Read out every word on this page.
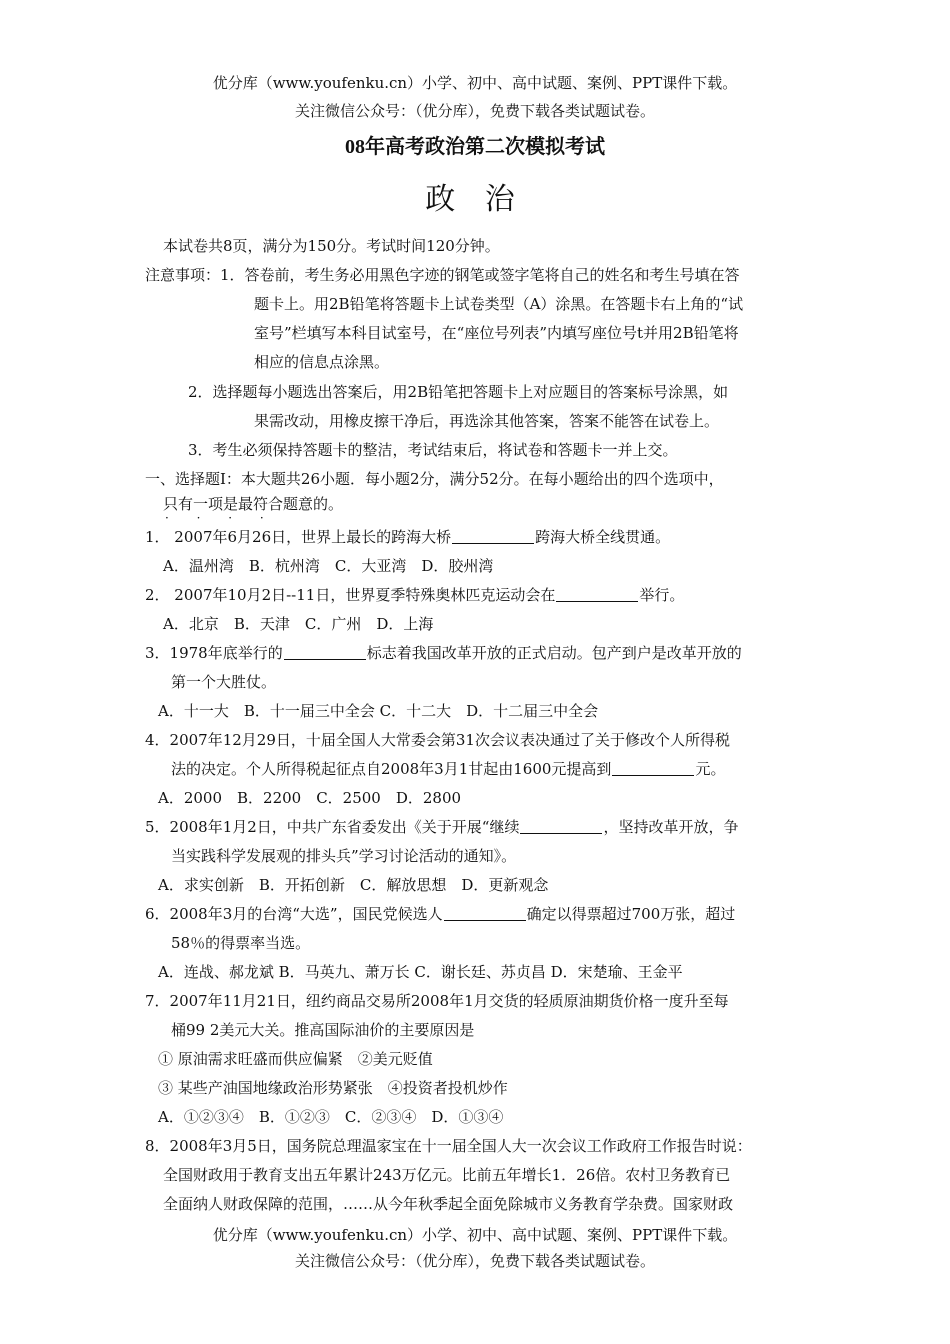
优分库（www.youfenku.cn）小学、初中、高中试题、案例、PPT课件下载。
关注微信公众号：（优分库），免费下载各类试题试卷。
08年高考政治第二次模拟考试
政 治
本试卷共8页，满分为150分。考试时间120分钟。
注意事项：1．答卷前，考生务必用黑色字迹的钢笔或签字笔将自己的姓名和考生号填在答
题卡上。用2B铅笔将答题卡上试卷类型（A）涂黑。在答题卡右上角的“试
室号”栏填写本科目试室号，在“座位号列表”内填写座位号t并用2B铅笔将
相应的信息点涂黑。
2．选择题每小题选出答案后，用2B铅笔把答题卡上对应题目的答案标号涂黑，如
果需改动，用橡皮擦干净后，再选涂其他答案，答案不能答在试卷上。
3．考生必须保持答题卡的整洁，考试结束后，将试卷和答题卡一并上交。
一、选择题I：本大题共26小题．每小题2分，满分52分。在每小题给出的四个选项中，
只有一项是最符合题意的。
· · · ·
1． 2007年6月26日，世界上最长的跨海大桥	跨海大桥全线贯通。
A．温州湾　B．杭州湾　C．大亚湾　D．胶州湾
2． 2007年10月2日--11日，世界夏季特殊奥林匹克运动会在	举行。
A．北京　B．天津　C．广州　D．上海
3．1978年底举行的	标志着我国改革开放的正式启动。包产到户是改革开放的
第一个大胜仗。
A．十一大　B．十一届三中全会 C．十二大　D．十二届三中全会
4．2007年12月29日，十届全国人大常委会第31次会议表决通过了关于修改个人所得税
法的决定。个人所得税起征点自2008年3月1甘起由1600元提高到	元。
A．2000　B．2200　C．2500　D．2800
5．2008年1月2日，中共广东省委发出《关于开展“继续	，坚持改革开放，争
当实践科学发展观的排头兵”学习讨论活动的通知》。
A．求实创新　B．开拓创新　C．解放思想　D．更新观念
6．2008年3月的台湾“大选”，国民党候选人	确定以得票超过700万张，超过
58％的得票率当选。
A．连战、郝龙斌 B．马英九、萧万长 C．谢长廷、苏贞昌 D．宋楚瑜、王金平
7．2007年11月21日，纽约商品交易所2008年1月交货的轻质原油期货价格一度升至每
桶99 2美元大关。推高国际油价的主要原因是
① 原油需求旺盛而供应偏紧　②美元贬值
③ 某些产油国地缘政治形势紧张　④投资者投机炒作
A．①②③④　B．①②③　C．②③④　D．①③④
8．2008年3月5日，国务院总理温家宝在十一届全国人大一次会议工作政府工作报告时说：
全国财政用于教育支出五年累计243万亿元。比前五年增长1．26倍。农村卫务教育已
全面纳人财政保障的范围，……从今年秋季起全面免除城市义务教育学杂费。国家财政
优分库（www.youfenku.cn）小学、初中、高中试题、案例、PPT课件下载。
关注微信公众号：（优分库），免费下载各类试题试卷。
